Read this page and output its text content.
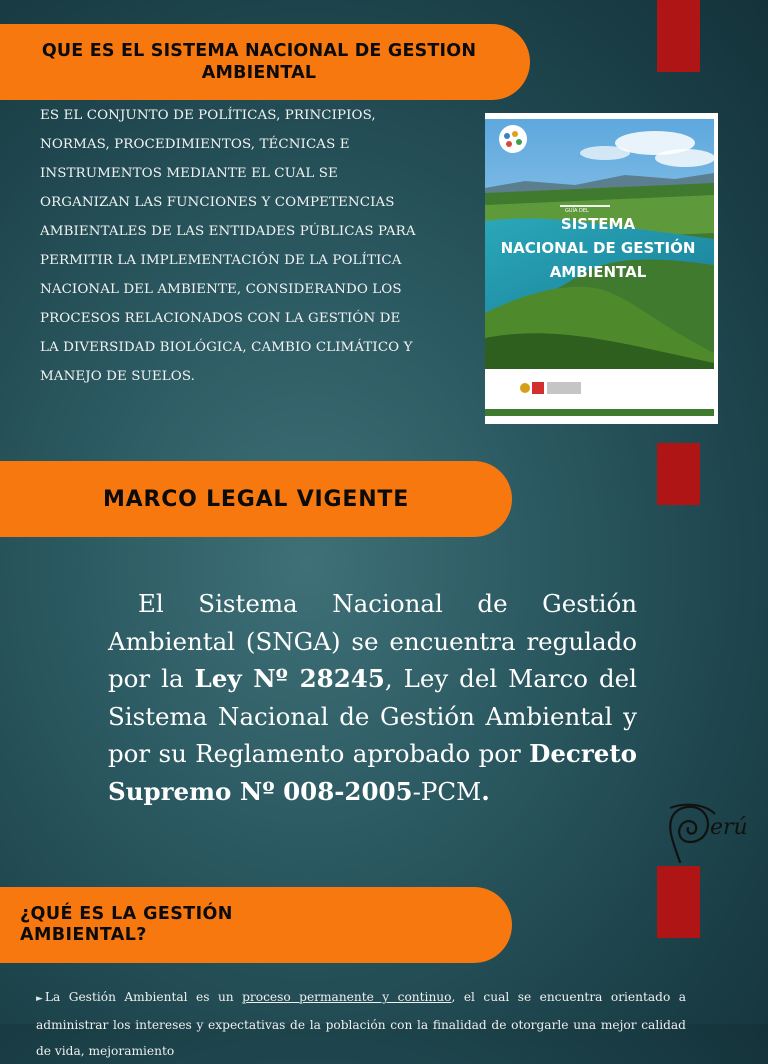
QUE ES EL SISTEMA NACIONAL DE GESTION AMBIENTAL
ES EL CONJUNTO DE POLÍTICAS, PRINCIPIOS, NORMAS, PROCEDIMIENTOS, TÉCNICAS E INSTRUMENTOS MEDIANTE EL CUAL SE ORGANIZAN LAS FUNCIONES Y COMPETENCIAS AMBIENTALES DE LAS ENTIDADES PÚBLICAS PARA PERMITIR LA IMPLEMENTACIÓN DE LA POLÍTICA NACIONAL DEL AMBIENTE, CONSIDERANDO LOS PROCESOS RELACIONADOS CON LA GESTIÓN DE LA DIVERSIDAD BIOLÓGICA, CAMBIO CLIMÁTICO Y MANEJO DE SUELOS.
SISTEMA
NACIONAL DE GESTIÓN
AMBIENTAL
GUÍA DEL
MARCO LEGAL VIGENTE

El Sistema Nacional de Gestión Ambiental (SNGA) se encuentra regulado por la Ley Nº 28245, Ley del Marco del Sistema Nacional de Gestión Ambiental y por su Reglamento aprobado por Decreto Supremo Nº 008-2005-PCM.

erú
¿QUÉ ES LA GESTIÓN AMBIENTAL?
► La Gestión Ambiental es un proceso permanente y continuo, el cual se encuentra orientado a administrar los intereses y expectativas de la población con la finalidad de otorgarle una mejor calidad de vida, mejoramiento
